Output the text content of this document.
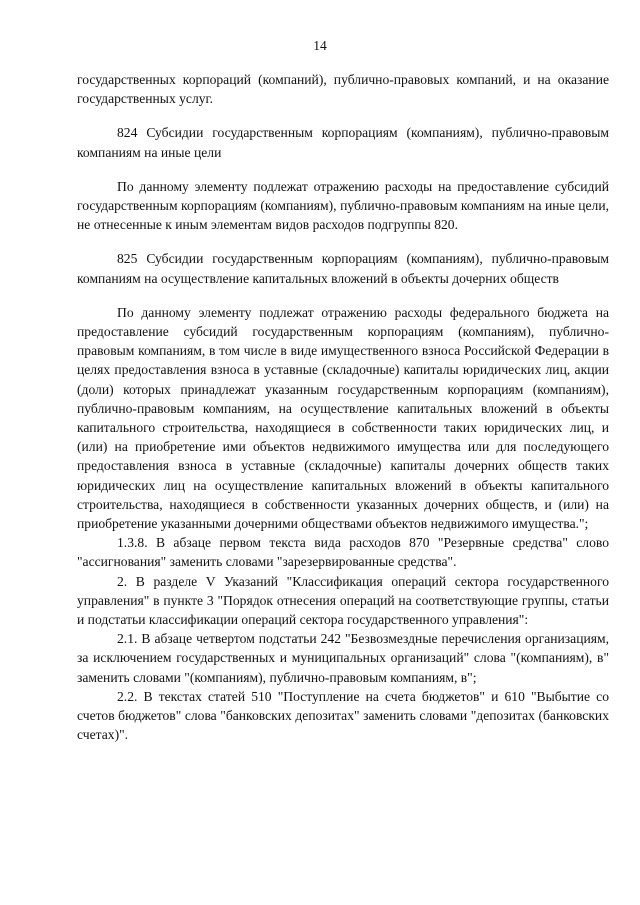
14

государственных корпораций (компаний), публично-правовых компаний, и на оказание государственных услуг.

824 Субсидии государственным корпорациям (компаниям), публично-правовым компаниям на иные цели

По данному элементу подлежат отражению расходы на предоставление субсидий государственным корпорациям (компаниям), публично-правовым компаниям на иные цели, не отнесенные к иным элементам видов расходов подгруппы 820.

825 Субсидии государственным корпорациям (компаниям), публично-правовым компаниям на осуществление капитальных вложений в объекты дочерних обществ

По данному элементу подлежат отражению расходы федерального бюджета на предоставление субсидий государственным корпорациям (компаниям), публично-правовым компаниям, в том числе в виде имущественного взноса Российской Федерации в целях предоставления взноса в уставные (складочные) капиталы юридических лиц, акции (доли) которых принадлежат указанным государственным корпорациям (компаниям), публично-правовым компаниям, на осуществление капитальных вложений в объекты капитального строительства, находящиеся в собственности таких юридических лиц, и (или) на приобретение ими объектов недвижимого имущества или для последующего предоставления взноса в уставные (складочные) капиталы дочерних обществ таких юридических лиц на осуществление капитальных вложений в объекты капитального строительства, находящиеся в собственности указанных дочерних обществ, и (или) на приобретение указанными дочерними обществами объектов недвижимого имущества.";

1.3.8. В абзаце первом текста вида расходов 870 "Резервные средства" слово "ассигнования" заменить словами "зарезервированные средства".

2. В разделе V Указаний "Классификация операций сектора государственного управления" в пункте 3 "Порядок отнесения операций на соответствующие группы, статьи и подстатьи классификации операций сектора государственного управления":

2.1. В абзаце четвертом подстатьи 242 "Безвозмездные перечисления организациям, за исключением государственных и муниципальных организаций" слова "(компаниям), в" заменить словами "(компаниям), публично-правовым компаниям, в";

2.2. В текстах статей 510 "Поступление на счета бюджетов" и 610 "Выбытие со счетов бюджетов" слова "банковских депозитах" заменить словами "депозитах (банковских счетах)".
